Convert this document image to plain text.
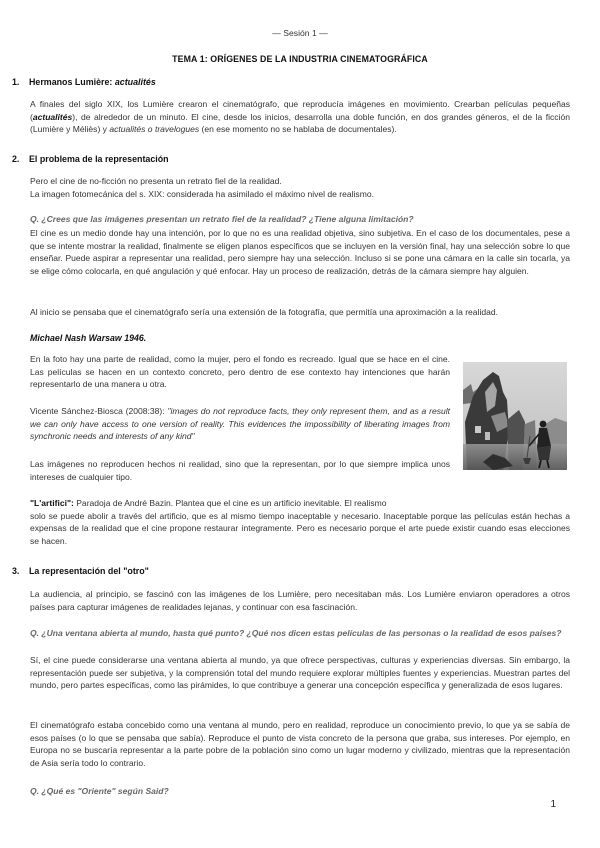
— Sesión 1 —
TEMA 1: ORÍGENES DE LA INDUSTRIA CINEMATOGRÁFICA
1. Hermanos Lumière: actualités
A finales del siglo XIX, los Lumière crearon el cinematógrafo, que reproducía imágenes en movimiento. Crearban películas pequeñas (actualités), de alrededor de un minuto. El cine, desde los inicios, desarrolla una doble función, en dos grandes géneros, el de la ficción (Lumière y Méliès) y actualités o travelogues (en ese momento no se hablaba de documentales).
2. El problema de la representación
Pero el cine de no-ficción no presenta un retrato fiel de la realidad.
La imagen fotomecánica del s. XIX: considerada ha asimilado el máximo nivel de realismo.
Q. ¿Crees que las imágenes presentan un retrato fiel de la realidad? ¿Tiene alguna limitación?
El cine es un medio donde hay una intención, por lo que no es una realidad objetiva, sino subjetiva. En el caso de los documentales, pese a que se intente mostrar la realidad, finalmente se eligen planos específicos que se incluyen en la versión final, hay una selección sobre lo que enseñar. Puede aspirar a representar una realidad, pero siempre hay una selección. Incluso si se pone una cámara en la calle sin tocarla, ya se elige cómo colocarla, en qué angulación y qué enfocar. Hay un proceso de realización, detrás de la cámara siempre hay alguien.
Al inicio se pensaba que el cinematógrafo sería una extensión de la fotografía, que permitía una aproximación a la realidad.
Michael Nash Warsaw 1946.
En la foto hay una parte de realidad, como la mujer, pero el fondo es recreado. Igual que se hace en el cine. Las películas se hacen en un contexto concreto, pero dentro de ese contexto hay intenciones que harán representarlo de una manera u otra.
Vicente Sánchez-Biosca (2008:38): "images do not reproduce facts, they only represent them, and as a result we can only have access to one version of reality. This evidences the impossibility of liberating images from synchronic needs and interests of any kind"
Las imágenes no reproducen hechos ni realidad, sino que la representan, por lo que siempre implica unos intereses de cualquier tipo.
"L'artifici": Paradoja de André Bazin. Plantea que el cine es un artificio inevitable. El realismo
solo se puede abolir a través del artificio, que es al mismo tiempo inaceptable y necesario. Inaceptable porque las películas están hechas a expensas de la realidad que el cine propone restaurar íntegramente. Pero es necesario porque el arte puede existir cuando esas elecciones se hacen.
3. La representación del "otro"
La audiencia, al principio, se fascinó con las imágenes de los Lumière, pero necesitaban más. Los Lumière enviaron operadores a otros países para capturar imágenes de realidades lejanas, y continuar con esa fascinación.
Q. ¿Una ventana abierta al mundo, hasta qué punto? ¿Qué nos dicen estas películas de las personas o la realidad de esos países?
Sí, el cine puede considerarse una ventana abierta al mundo, ya que ofrece perspectivas, culturas y experiencias diversas. Sin embargo, la representación puede ser subjetiva, y la comprensión total del mundo requiere explorar múltiples fuentes y experiencias. Muestran partes del mundo, pero partes específicas, como las pirámides, lo que contribuye a generar una concepción específica y generalizada de esos lugares.
El cinematógrafo estaba concebido como una ventana al mundo, pero en realidad, reproduce un conocimiento previo, lo que ya se sabía de esos países (o lo que se pensaba que sabía). Reproduce el punto de vista concreto de la persona que graba, sus intereses. Por ejemplo, en Europa no se buscaría representar a la parte pobre de la población sino como un lugar moderno y civilizado, mientras que la representación de Asia sería todo lo contrario.
Q. ¿Qué es "Oriente" según Said?
1
